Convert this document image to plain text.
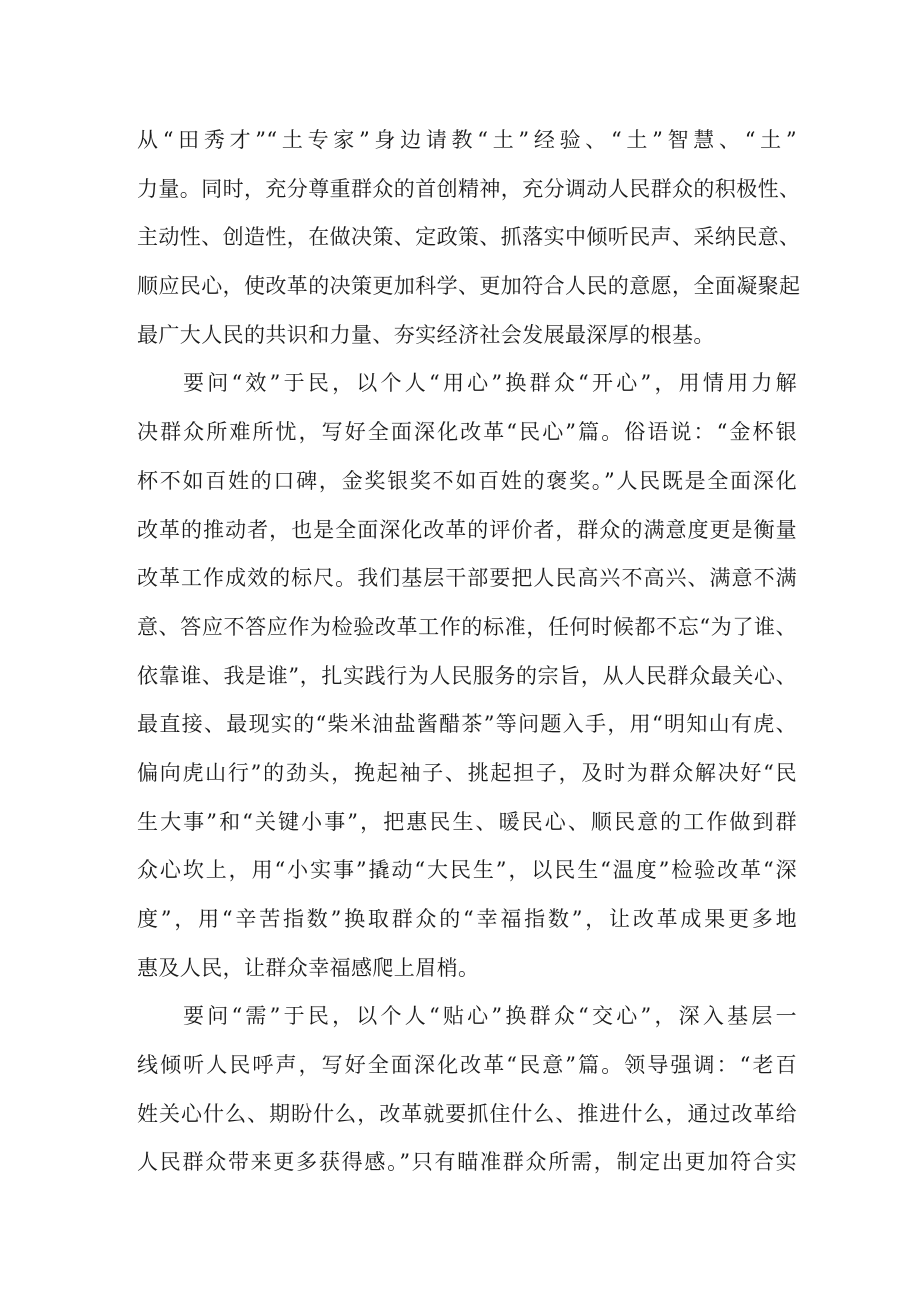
从“田秀才”“土专家”身边请教“土”经验、“土”智慧、“土”
力量。同时，充分尊重群众的首创精神，充分调动人民群众的积极性、
主动性、创造性，在做决策、定政策、抓落实中倾听民声、采纳民意、
顺应民心，使改革的决策更加科学、更加符合人民的意愿，全面凝聚起
最广大人民的共识和力量、夯实经济社会发展最深厚的根基。
要问“效”于民，以个人“用心”换群众“开心”，用情用力解
决群众所难所忧，写好全面深化改革“民心”篇。俗语说：“金杯银
杯不如百姓的口碑，金奖银奖不如百姓的褒奖。”人民既是全面深化
改革的推动者，也是全面深化改革的评价者，群众的满意度更是衡量
改革工作成效的标尺。我们基层干部要把人民高兴不高兴、满意不满
意、答应不答应作为检验改革工作的标准，任何时候都不忘“为了谁、
依靠谁、我是谁”，扎实践行为人民服务的宗旨，从人民群众最关心、
最直接、最现实的“柴米油盐酱醋茶”等问题入手，用“明知山有虎、
偏向虎山行”的劲头，挽起袖子、挑起担子，及时为群众解决好“民
生大事”和“关键小事”，把惠民生、暖民心、顺民意的工作做到群
众心坎上，用“小实事”撬动“大民生”，以民生“温度”检验改革“深
度”，用“辛苦指数”换取群众的“幸福指数”，让改革成果更多地
惠及人民，让群众幸福感爬上眉梢。
要问“需”于民，以个人“贴心”换群众“交心”，深入基层一
线倾听人民呼声，写好全面深化改革“民意”篇。领导强调：“老百
姓关心什么、期盼什么，改革就要抓住什么、推进什么，通过改革给
人民群众带来更多获得感。”只有瞄准群众所需，制定出更加符合实
